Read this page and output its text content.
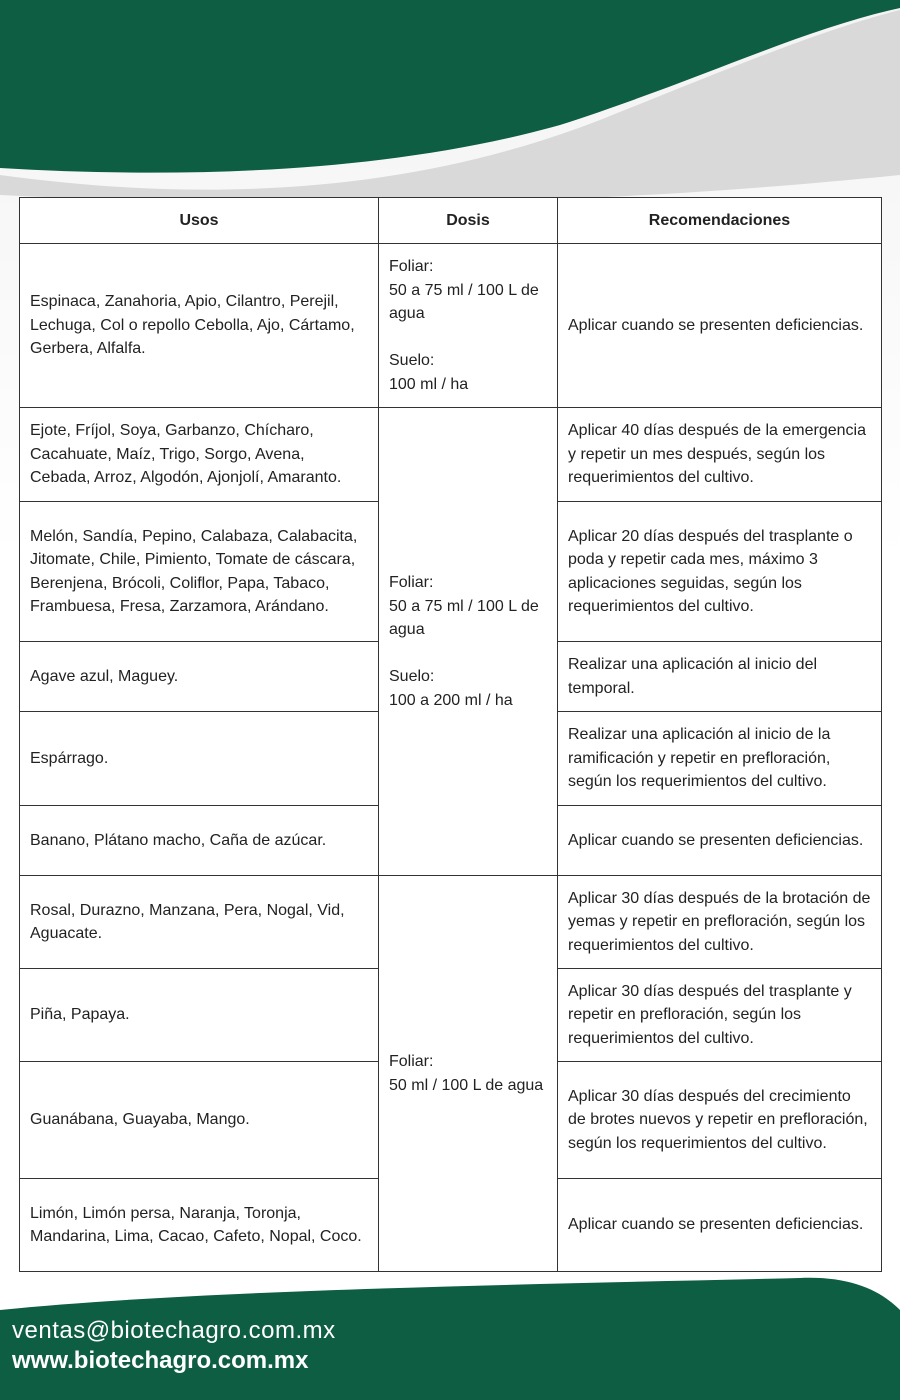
Usos	Dosis	Recomendaciones
Espinaca, Zanahoria, Apio, Cilantro, Perejil, Lechuga, Col o repollo Cebolla, Ajo, Cártamo, Gerbera, Alfalfa.	Foliar:
50 a 75 ml / 100 L de agua

Suelo:
100 ml / ha	Aplicar cuando se presenten deficiencias.
Ejote, Fríjol, Soya, Garbanzo, Chícharo, Cacahuate, Maíz, Trigo, Sorgo, Avena, Cebada, Arroz, Algodón, Ajonjolí, Amaranto.	Foliar:
50 a 75 ml / 100 L de agua

Suelo:
100 a 200 ml / ha	Aplicar 40 días después de la emergencia y repetir un mes después, según los requerimientos del cultivo.
Melón, Sandía, Pepino, Calabaza, Calabacita, Jitomate, Chile, Pimiento, Tomate de cáscara, Berenjena, Brócoli, Coliflor, Papa, Tabaco, Frambuesa, Fresa, Zarzamora, Arándano.		Aplicar 20 días después del trasplante o poda y repetir cada mes, máximo 3 aplicaciones seguidas, según los requerimientos del cultivo.
Agave azul, Maguey.		Realizar una aplicación al inicio del temporal.
Espárrago.		Realizar una aplicación al inicio de la ramificación y repetir en prefloración, según los requerimientos del cultivo.
Banano, Plátano macho, Caña de azúcar.		Aplicar cuando se presenten deficiencias.
Rosal, Durazno, Manzana, Pera, Nogal, Vid, Aguacate.	Foliar:
50 ml / 100 L de agua	Aplicar 30 días después de la brotación de yemas y repetir en prefloración, según los requerimientos del cultivo.
Piña, Papaya.		Aplicar 30 días después del trasplante y repetir en prefloración, según los requerimientos del cultivo.
Guanábana, Guayaba, Mango.		Aplicar 30 días después del crecimiento de brotes nuevos y repetir en prefloración, según los requerimientos del cultivo.
Limón, Limón persa, Naranja, Toronja, Mandarina, Lima, Cacao, Cafeto, Nopal, Coco.		Aplicar cuando se presenten deficiencias.
ventas@biotechagro.com.mx
www.biotechagro.com.mx
